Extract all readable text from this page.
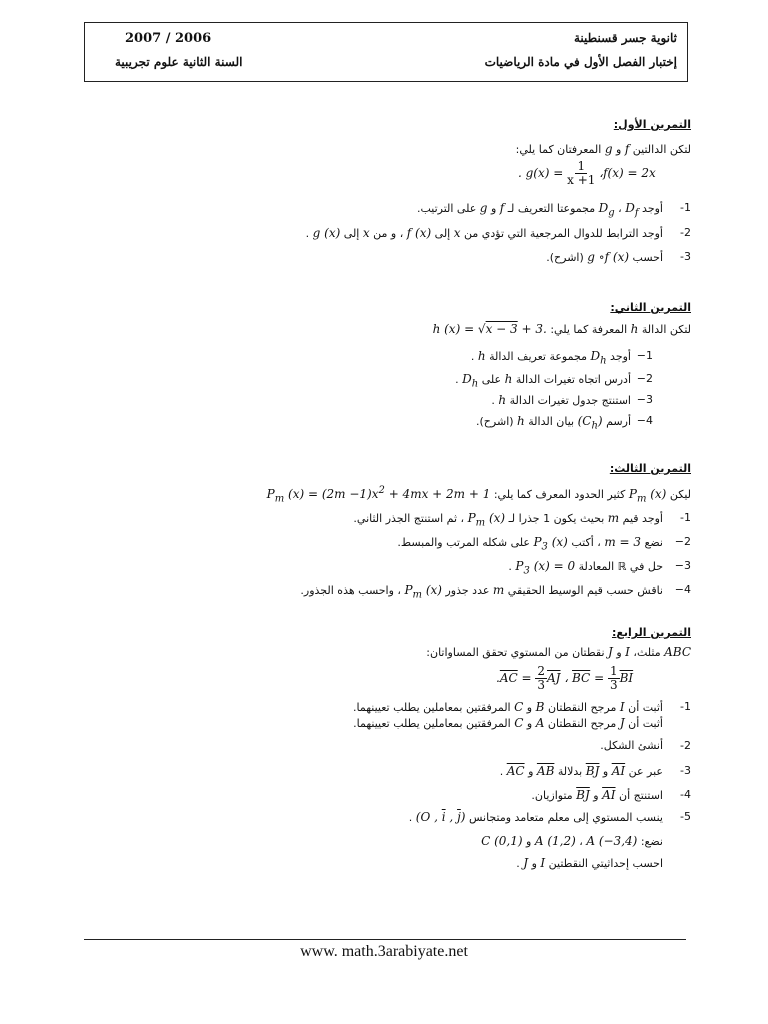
ثانوية جسر قسنطينة
إختبار الفصل الأول في مادة الرياضيات
2007 / 2006
السنة الثانية علوم تجريبية
التمرين الأول:
لتكن الدالتين f و g المعرفتان كما يلي:
. $g(x) = \frac{1}{x +1}$ ،f(x) = 2x
-1
أوجد $D_g$ ، $D_f$ مجموعتا التعريف لـ f و g على الترتيب.
-2
أوجد الترابط للدوال المرجعية التي تؤدي من x إلى f (x) ، و من x إلى g (x) .
-3
أحسب g ∘f (x) (اشرح).
التمرين الثاني:
لتكن الدالة h المعرفة كما يلي: .h (x) = √x − 3 + 3
−1
أوجد $D_h$ مجموعة تعريف الدالة h .
−2
أدرس اتجاه تغيرات الدالة h على $D_h$ .
−3
استنتج جدول تغيرات الدالة h .
−4
أرسم $(C_h)$ بيان الدالة h (اشرح).
التمرين الثالث:
ليكن $P_m$ (x) كثير الحدود المعرف كما يلي: $P_m$ $(x) = (2m -1)x^2 + 4mx + 2m + 1$
-1
أوجد قيم m بحيث يكون 1 جذرا لـ $P_m$ (x) ، ثم استنتج الجذر الثاني.
−2
نضع m = 3 ، أكتب $P_3$ (x) على شكله المرتب والمبسط.
−3
حل في ℝ المعادلة $P_3$ (x) = 0 .
−4
ناقش حسب قيم الوسيط الحقيقي m عدد جذور $P_m$ (x) ، واحسب هذه الجذور.
التمرين الرابع:
ABC مثلث، I و J نقطتان من المستوي تحقق المساواتان:
$.\overline{AC} = \frac{2}{3} \overline{AJ}$ ، $\overline{BC} = \frac{1}{3} \overline{BI}$
-1
أثبت أن I مرجح النقطتان B و C المرفقتين بمعاملين يطلب تعيينهما.
أثبت أن J مرجح النقطتان A و C المرفقتين بمعاملين يطلب تعيينهما.
-2
أنشئ الشكل.
-3
عبر عن $\overline{AI}$ و $\overline{BJ}$ بدلالة $\overline{AB}$ و $\overline{AC}$ .
-4
استنتج أن $\overline{AI}$ و $\overline{BJ}$ متوازيان.
-5
ينسب المستوي إلى معلم متعامد ومتجانس (O , $\overline{i}$ , $\overline{j}$) .
نضع: A (1,2) ، A (−3,4) و C (0,1)
احسب إحداثيتي النقطتين I و J .
www. math.3arabiyate.net
